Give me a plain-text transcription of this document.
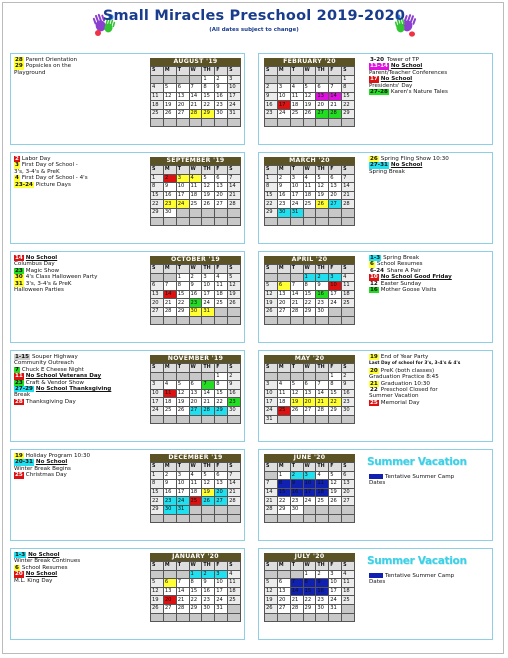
Small Miracles Preschool 2019-2020
(All dates subject to change)
28 Parent Orientation
29 Popsicles on the
Playground
AUGUST '19
S	M	T	W	TH	F	S
				1	2	3
4	5	6	7	8	9	10
11	12	13	14	15	16	17
18	19	20	21	22	23	24
25	26	27	28	29	30	31

3-20 Tower of TP
13-14 No School
Parent/Teacher Conferences
17 No School
Presidents' Day
27-28 Karen's Nature Tales
FEBRUARY '20
S	M	T	W	TH	F	S
						1
2	3	4	5	6	7	8
9	10	11	12	13	14	15
16	17	18	19	20	21	22
23	24	25	26	27	28	29

2 Labor Day
3 First Day of School -
3's, 3-4's & PreK
4 First Day of School - 4's
23-24 Picture Days
SEPTEMBER '19
S	M	T	W	TH	F	S
1	2	3	4	5	6	7
8	9	10	11	12	13	14
15	16	17	18	19	20	21
22	23	24	25	26	27	28
29	30					

26 Spring Fling Show 10:30
27-31 No School
Spring Break
MARCH '20
S	M	T	W	TH	F	S
1	2	3	4	5	6	7
8	9	10	11	12	13	14
15	16	17	18	19	20	21
22	23	24	25	26	27	28
29	30	31				

14 No School
Columbus Day
23 Magic Show
30 4's Class Halloween Party
31 3's, 3-4's & PreK
Halloween Parties
OCTOBER '19
S	M	T	W	TH	F	S
		1	2	3	4	5
6	7	8	9	10	11	12
13	14	15	16	17	18	19
20	21	22	23	24	25	26
27	28	29	30	31		

1-3 Spring Break
6 School Resumes
6-24 Share A Pair
10 No School Good Friday
12 Easter Sunday
16 Mother Goose Visits
APRIL '20
S	M	T	W	TH	F	S
			1	2	3	4
5	6	7	8	9	10	11
12	13	14	15	16	17	18
19	20	21	22	23	24	25
26	27	28	29	30		

1-15 Souper Highway
Community Outreach
7 Chuck E Cheese Night
11 No School Veterans Day
23 Craft & Vendor Show
27-29 No School Thanksgiving
Break
28 Thanksgiving Day
NOVEMBER '19
S	M	T	W	TH	F	S
					1	2
3	4	5	6	7	8	9
10	11	12	13	14	15	16
17	18	19	20	21	22	23
24	25	26	27	28	29	30

19 End of Year Party
Last Day of school for 3's, 3-4's & 4's
20 PreK (both classes)
Graduation Practice 8:45
21 Graduation 10:30
22 Preschool Closed for
Summer Vacation
25 Memorial Day
MAY '20
S	M	T	W	TH	F	S
					1	2
3	4	5	6	7	8	9
10	11	12	13	14	15	16
17	18	19	20	21	22	23
24	25	26	27	28	29	30
31						
19 Holiday Program 10:30
20-31 No School
Winter Break Begins
25 Christmas Day
DECEMBER '19
S	M	T	W	TH	F	S
1	2	3	4	5	6	7
8	9	10	11	12	13	14
15	16	17	18	19	20	21
22	23	24	25	26	27	28
29	30	31				

Tentative Summer Camp
Dates
JUNE '20
S	M	T	W	TH	F	S
	1	2	3	4	5	6
7	8	9	10	11	12	13
14	15	16	17	18	19	20
21	22	23	24	25	26	27
28	29	30				

1-3 No School
Winter Break Continues
6 School Resumes
20 No School
M.L. King Day
JANUARY '20
S	M	T	W	TH	F	S
			1	2	3	4
5	6	7	8	9	10	11
12	13	14	15	16	17	18
19	20	21	22	23	24	25
26	27	28	29	30	31	

Tentative Summer Camp
Dates
JULY '20
S	M	T	W	TH	F	S
			1	2	3	4
5	6	7	8	9	10	11
12	13	14	15	16	17	18
19	20	21	22	23	24	25
26	27	28	29	30	31	

Summer Vacation
Summer Vacation
